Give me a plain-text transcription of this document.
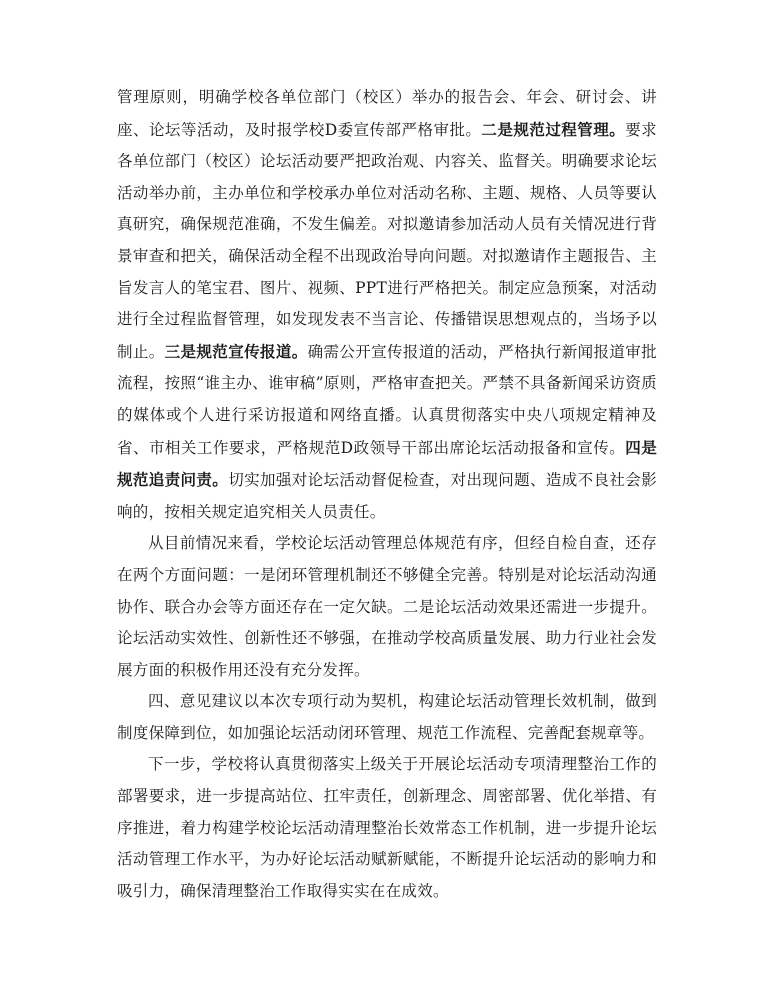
管理原则，明确学校各单位部门（校区）举办的报告会、年会、研讨会、讲座、论坛等活动，及时报学校D委宣传部严格审批。二是规范过程管理。要求各单位部门（校区）论坛活动要严把政治观、内容关、监督关。明确要求论坛活动举办前，主办单位和学校承办单位对活动名称、主题、规格、人员等要认真研究，确保规范准确，不发生偏差。对拟邀请参加活动人员有关情况进行背景审查和把关，确保活动全程不出现政治导向问题。对拟邀请作主题报告、主旨发言人的笔宝君、图片、视频、PPT进行严格把关。制定应急预案，对活动进行全过程监督管理，如发现发表不当言论、传播错误思想观点的，当场予以制止。三是规范宣传报道。确需公开宣传报道的活动，严格执行新闻报道审批流程，按照“谁主办、谁审稿”原则，严格审查把关。严禁不具备新闻采访资质的媒体或个人进行采访报道和网络直播。认真贯彻落实中央八项规定精神及省、市相关工作要求，严格规范D政领导干部出席论坛活动报备和宣传。四是规范追责问责。切实加强对论坛活动督促检查，对出现问题、造成不良社会影响的，按相关规定追究相关人员责任。

从目前情况来看，学校论坛活动管理总体规范有序，但经自检自查，还存在两个方面问题：一是闭环管理机制还不够健全完善。特别是对论坛活动沟通协作、联合办会等方面还存在一定欠缺。二是论坛活动效果还需进一步提升。论坛活动实效性、创新性还不够强，在推动学校高质量发展、助力行业社会发展方面的积极作用还没有充分发挥。

四、意见建议以本次专项行动为契机，构建论坛活动管理长效机制，做到制度保障到位，如加强论坛活动闭环管理、规范工作流程、完善配套规章等。

下一步，学校将认真贯彻落实上级关于开展论坛活动专项清理整治工作的部署要求，进一步提高站位、扛牢责任，创新理念、周密部署、优化举措、有序推进，着力构建学校论坛活动清理整治长效常态工作机制，进一步提升论坛活动管理工作水平，为办好论坛活动赋新赋能，不断提升论坛活动的影响力和吸引力，确保清理整治工作取得实实在在成效。
